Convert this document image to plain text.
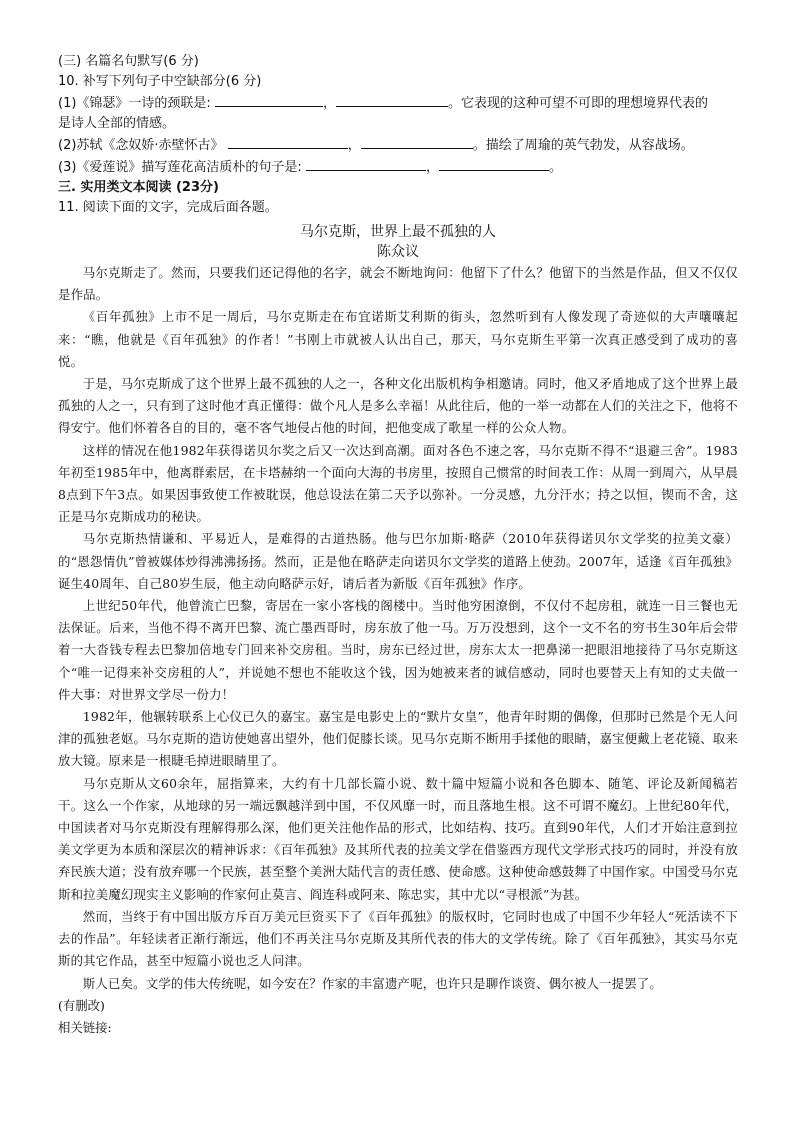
(三) 名篇名句默写(6 分)
10. 补写下列句子中空缺部分(6 分)
(1)《锦瑟》一诗的颈联是:	，	。它表现的这种可望不可即的理想境界代表的
是诗人全部的情感。
(2)苏轼《念奴娇·赤壁怀古》	，	。描绘了周瑜的英气勃发，从容战场。
(3)《爱莲说》描写莲花高洁质朴的句子是:	，	。
三. 实用类文本阅读 (23分)
11. 阅读下面的文字，完成后面各题。
马尔克斯，世界上最不孤独的人
陈众议

马尔克斯走了。然而，只要我们还记得他的名字，就会不断地询问：他留下了什么？他留下的当然是作品，但又不仅仅是作品。

《百年孤独》上市不足一周后，马尔克斯走在布宜诺斯艾利斯的街头，忽然听到有人像发现了奇迹似的大声嚷嚷起来：“瞧，他就是《百年孤独》的作者！”书刚上市就被人认出自己，那天，马尔克斯生平第一次真正感受到了成功的喜悦。

于是，马尔克斯成了这个世界上最不孤独的人之一，各种文化出版机构争相邀请。同时，他又矛盾地成了这个世界上最孤独的人之一，只有到了这时他才真正懂得：做个凡人是多么幸福！从此往后，他的一举一动都在人们的关注之下，他将不得安宁。他们怀着各自的目的，毫不客气地侵占他的时间，把他变成了歌星一样的公众人物。

这样的情况在他1982年获得诺贝尔奖之后又一次达到高潮。面对各色不速之客，马尔克斯不得不“退避三舍”。1983年初至1985年中，他离群索居，在卡塔赫纳一个面向大海的书房里，按照自己惯常的时间表工作：从周一到周六，从早晨8点到下午3点。如果因事致使工作被耽误，他总设法在第二天予以弥补。一分灵感，九分汗水；持之以恒，锲而不舍，这正是马尔克斯成功的秘诀。

马尔克斯热情谦和、平易近人，是难得的古道热肠。他与巴尔加斯·略萨（2010年获得诺贝尔文学奖的拉美文豪）的“恩怨情仇”曾被媒体炒得沸沸扬扬。然而，正是他在略萨走向诺贝尔文学奖的道路上使劲。2007年，适逢《百年孤独》诞生40周年、自己80岁生辰，他主动向略萨示好，请后者为新版《百年孤独》作序。

上世纪50年代，他曾流亡巴黎，寄居在一家小客栈的阁楼中。当时他穷困潦倒，不仅付不起房租，就连一日三餐也无法保证。后来，当他不得不离开巴黎、流亡墨西哥时，房东放了他一马。万万没想到，这个一文不名的穷书生30年后会带着一大沓钱专程去巴黎加倍地专门回来补交房租。当时，房东已经过世，房东太太一把鼻涕一把眼泪地接待了马尔克斯这个“唯一记得来补交房租的人”，并说她不想也不能收这个钱，因为她被来者的诚信感动，同时也要替天上有知的丈夫做一件大事：对世界文学尽一份力！

1982年，他辗转联系上心仪已久的嘉宝。嘉宝是电影史上的“默片女皇”，他青年时期的偶像，但那时已然是个无人问津的孤独老妪。马尔克斯的造访使她喜出望外，他们促膝长谈。见马尔克斯不断用手揉他的眼睛，嘉宝便戴上老花镜、取来放大镜。原来是一根睫毛掉进眼睛里了。

马尔克斯从文60余年，屈指算来，大约有十几部长篇小说、数十篇中短篇小说和各色脚本、随笔、评论及新闻稿若干。这么一个作家，从地球的另一端远飘越洋到中国，不仅风靡一时，而且落地生根。这不可谓不魔幻。上世纪80年代，中国读者对马尔克斯没有理解得那么深，他们更关注他作品的形式，比如结构、技巧。直到90年代，人们才开始注意到拉美文学更为本质和深层次的精神诉求：《百年孤独》及其所代表的拉美文学在借鉴西方现代文学形式技巧的同时，并没有放弃民族大道；没有放弃哪一个民族，甚至整个美洲大陆代言的责任感、使命感。这种使命感鼓舞了中国作家。中国受马尔克斯和拉美魔幻现实主义影响的作家何止莫言、阎连科或阿来、陈忠实，其中尤以“寻根派”为甚。

然而，当终于有中国出版方斥百万美元巨资买下了《百年孤独》的版权时，它同时也成了中国不少年轻人“死活读不下去的作品”。年轻读者正渐行渐远，他们不再关注马尔克斯及其所代表的伟大的文学传统。除了《百年孤独》，其实马尔克斯的其它作品，甚至中短篇小说也乏人问津。

斯人已矣。文学的伟大传统呢，如今安在？作家的丰富遗产呢，也许只是聊作谈资、偶尔被人一提罢了。

(有删改)
相关链接:
